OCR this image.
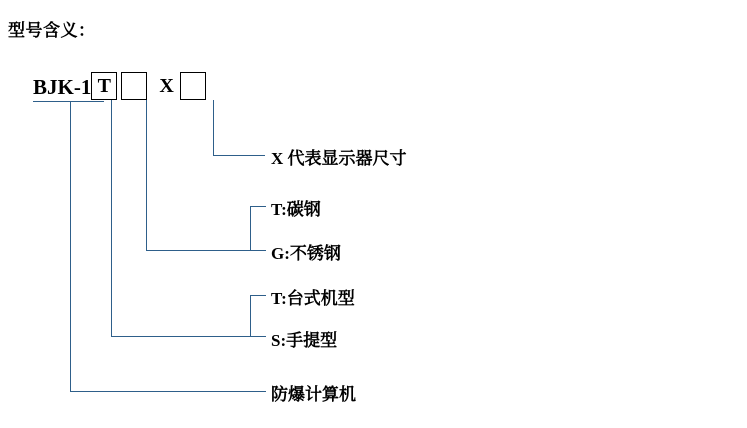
型号含义：
BJK-1 T	X
X 代表显示器尺寸
T:碳钢
G:不锈钢
T:台式机型
S:手提型
防爆计算机
